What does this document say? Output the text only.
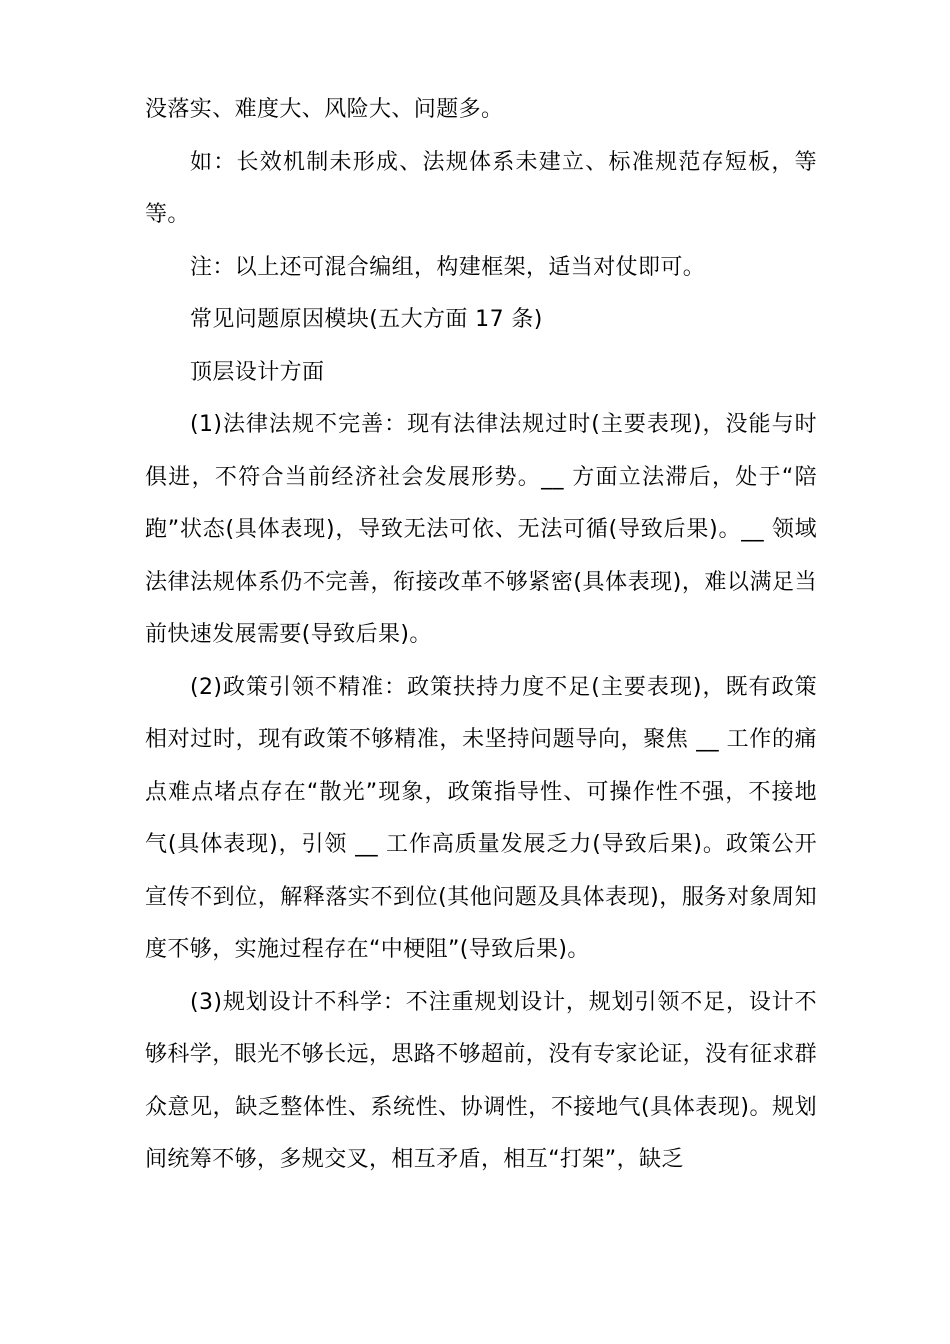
没落实、难度大、风险大、问题多。

如：长效机制未形成、法规体系未建立、标准规范存短板，等等。

注：以上还可混合编组，构建框架，适当对仗即可。

常见问题原因模块(五大方面 17 条)

顶层设计方面

(1)法律法规不完善：现有法律法规过时(主要表现)，没能与时俱进，不符合当前经济社会发展形势。__ 方面立法滞后，处于“陪跑”状态(具体表现)，导致无法可依、无法可循(导致后果)。__ 领域法律法规体系仍不完善，衔接改革不够紧密(具体表现)，难以满足当前快速发展需要(导致后果)。

(2)政策引领不精准：政策扶持力度不足(主要表现)，既有政策相对过时，现有政策不够精准，未坚持问题导向，聚焦 __ 工作的痛点难点堵点存在“散光”现象，政策指导性、可操作性不强，不接地气(具体表现)，引领 __ 工作高质量发展乏力(导致后果)。政策公开宣传不到位，解释落实不到位(其他问题及具体表现)，服务对象周知度不够，实施过程存在“中梗阻”(导致后果)。

(3)规划设计不科学：不注重规划设计，规划引领不足，设计不够科学，眼光不够长远，思路不够超前，没有专家论证，没有征求群众意见，缺乏整体性、系统性、协调性，不接地气(具体表现)。规划间统筹不够，多规交叉，相互矛盾，相互“打架”，缺乏
